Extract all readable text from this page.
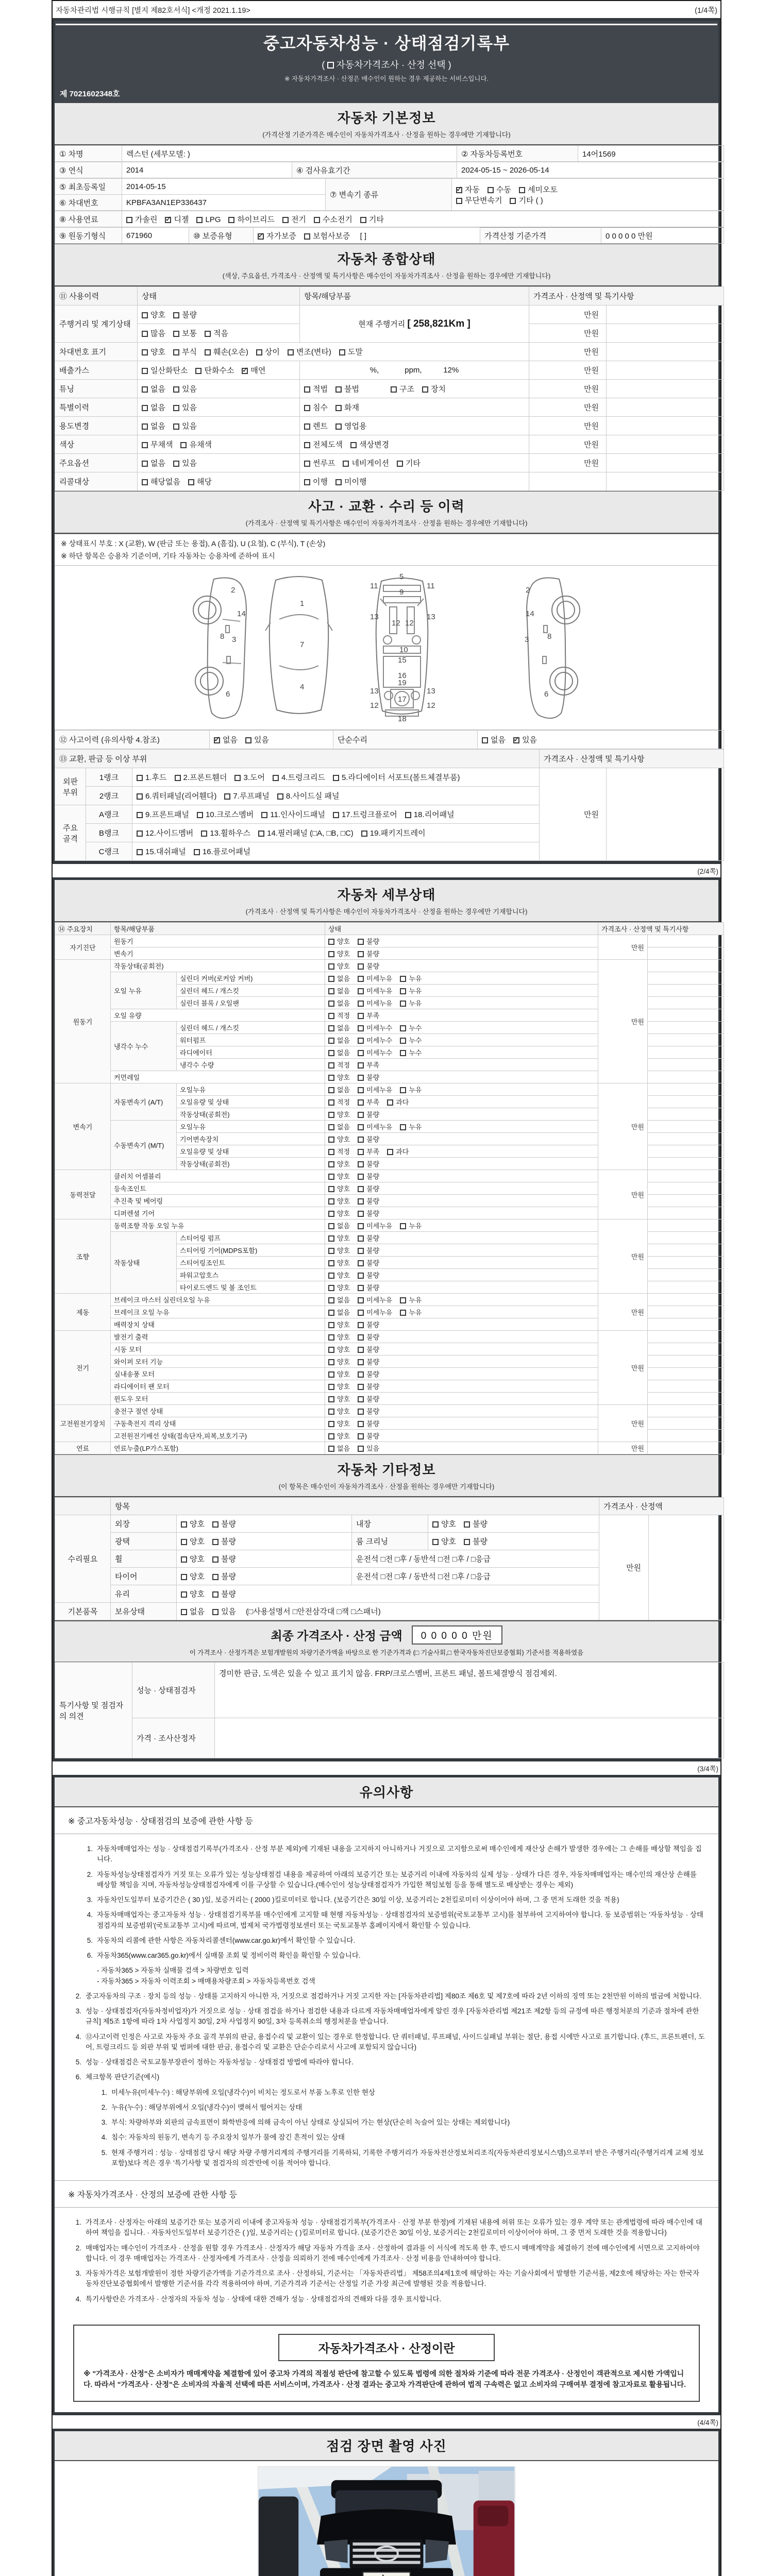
자동차관리법 시행규칙 [별지 제82호서식] <개정 2021.1.19>	(1/4쪽)
중고자동차성능 · 상태점검기록부
( 자동차가격조사 · 산정 선택 )
※ 자동차가격조사 · 산정은 매수인이 원하는 경우 제공하는 서비스입니다.
제 7021602348호
자동차 기본정보
(가격산정 기준가격은 매수인이 자동차가격조사 · 산정을 원하는 경우에만 기재합니다)
① 차명	렉스턴 (세부모델: )	② 자동차등록번호	14어1569
③ 연식	2014	④ 검사유효기간	2024-05-15 ~ 2026-05-14
⑤ 최초등록일	2014-05-15	⑦ 변속기 종류	
✓자동 수동 세미오토
무단변속기 기타 ( )

⑥ 차대번호	KPBFA3AN1EP336437		
⑧ 사용연료	가솔린 ✓ 디젤 LPG 하이브리드 전기 수소전기 기타
⑨ 원동기형식	671960	⑩ 보증유형	✓자가보증 보험사보증 [ ]	가격산정 기준가격	0 0 0 0 0 만원
자동차 종합상태
(색상, 주요옵션, 가격조사 · 산정액 및 특기사항은 매수인이 자동차가격조사 · 산정을 원하는 경우에만 기재합니다)
⑪ 사용이력	상태	항목/해당부품	가격조사 · 산정액 및 특기사항	
주행거리 및 계기상태	양호 불량	현재 주행거리 [ 258,821Km ]	만원	
	많음 보통 적음		만원	
차대번호 표기	양호 부식 훼손(오손) 상이 변조(변타) 도말		만원	
배출가스	일산화탄소 탄화수소 ✓ 매연	%,            ppm,          12%	만원	
튜닝	없음 있음	적법 불법 구조 장치	만원	
특별이력	없음 있음	침수 화재	만원	
용도변경	없음 있음	렌트 영업용	만원	
색상	무채색 유채색	전체도색 색상변경	만원	
주요옵션	없음 있음	썬루프 네비게이션 기타	만원	
리콜대상	해당없음 해당	이행 미이행		
사고 · 교환 · 수리 등 이력
(가격조사 · 산정액 및 특기사항은 매수인이 자동차가격조사 · 산정을 원하는 경우에만 기재합니다)
※ 상태표시 부호 : X (교환), W (판금 또는 용접), A (흠집), U (요철), C (부식), T (손상)
※ 하단 항목은 승용차 기준이며, 기타 자동차는 승용차에 준하여 표시
2
3
8
14
6
1
7
4
5
9
11	11
13	13
12 12
10
15
16
13	13
12	12
19
17
18
2
3 8
14
6
⑫ 사고이력 (유의사항 4.참조)	✓없음 있음	단순수리	없음 ✓ 있음
⑬ 교환, 판금 등 이상 부위			가격조사 · 산정액 및 특기사항	
외판 부위	1랭크	1.후드 2.프론트휀더 3.도어 4.트렁크리드 5.라디에이터 서포트(볼트체결부품)	만원	
	2랭크	6.쿼터패널(리어휀다) 7.루프패널 8.사이드실 패널		
주요 골격	A랭크	9.프론트패널 10.크로스멤버 11.인사이드패널 17.트렁크플로어 18.리어패널		
	B랭크	12.사이드멤버 13.휠하우스 14.필러패널 (□A, □B, □C) 19.패키지트레이		
	C랭크	15.대쉬패널 16.플로어패널		
(2/4쪽)
자동차 세부상태
(가격조사 · 산정액 및 특기사항은 매수인이 자동차가격조사 · 산정을 원하는 경우에만 기재합니다)
⑭ 주요장치	항목/해당부품		상태	가격조사 · 산정액 및 특기사항	
자기진단	원동기		양호 불량	만원	
	변속기		양호 불량		
원동기	작동상태(공회전)		양호 불량	만원	
	오일 누유	실린더 커버(로커암 커버)	없음 미세누유 누유		
		실린더 헤드 / 개스킷	없음 미세누유 누유		
		실린더 블록 / 오일팬	없음 미세누유 누유		
	오일 유량		적정 부족		
	냉각수 누수	실린더 헤드 / 개스킷	없음 미세누수 누수		
		워터펌프	없음 미세누수 누수		
		라디에이터	없음 미세누수 누수		
		냉각수 수량	적정 부족		
	커먼레일		양호 불량		
변속기	자동변속기 (A/T)	오일누유	없음 미세누유 누유	만원	
		오일유량 및 상태	적정 부족 과다		
		작동상태(공회전)	양호 불량		
	수동변속기 (M/T)	오일누유	없음 미세누유 누유		
		기어변속장치	양호 불량		
		오일유량 및 상태	적정 부족 과다		
		작동상태(공회전)	양호 불량		
동력전달	클러치 어셈블리		양호 불량	만원	
	등속조인트		양호 불량		
	추진축 및 베어링		양호 불량		
	디퍼렌셜 기어		양호 불량		
조향	동력조향 작동 오일 누유		없음 미세누유 누유	만원	
	작동상태	스티어링 펌프	양호 불량		
		스티어링 기어(MDPS포함)	양호 불량		
		스티어링조인트	양호 불량		
		파워고압호스	양호 불량		
		타이로드엔드 및 볼 조인트	양호 불량		
제동	브레이크 마스터 실린더오일 누유		없음 미세누유 누유	만원	
	브레이크 오일 누유		없음 미세누유 누유		
	배력장치 상태		양호 불량		
전기	발전기 출력		양호 불량	만원	
	시동 모터		양호 불량		
	와이퍼 모터 기능		양호 불량		
	실내송풍 모터		양호 불량		
	라디에이터 팬 모터		양호 불량		
	윈도우 모터		양호 불량		
고전원전기장치	충전구 절연 상태		양호 불량	만원	
	구동축전지 격리 상태		양호 불량		
	고전원전기배선 상태(접속단자,피복,보호기구)		양호 불량		
연료	연료누출(LP가스포함)		없음 있음	만원	
자동차 기타정보
(이 항목은 매수인이 자동차가격조사 · 산정을 원하는 경우에만 기재합니다)
	항목				가격조사 · 산정액	
수리필요	외장	양호 불량	내장	양호 불량	만원	
	광택	양호 불량	룸 크리닝	양호 불량		
	휠	양호 불량	운전석 □전 □후 / 동반석 □전 □후 / □응급			
	타이어	양호 불량	운전석 □전 □후 / 동반석 □전 □후 / □응급			
	유리	양호 불량				
기본품목	보유상태	없음 있음 (□사용설명서 □안전삼각대 □잭 □스패너)				
최종 가격조사 · 산정 금액	0 0 0 0 0 만원
이 가격조사 · 산정가격은 보험개발원의 차량기준가액을 바탕으로 한 기준가격과 (□ 기술사회,□ 한국자동차진단보증협회) 기준서를 적용하였음
특기사항 및 점검자의 의견	성능 · 상태점검자	경미한 판금, 도색은 있을 수 있고 표기치 않음. FRP/크로스멤버, 프론트 패널, 볼트체결방식 점검제외.
	가격 · 조사산정자	
(3/4쪽)
유의사항
※ 중고자동차성능 · 상태점검의 보증에 관한 사항 등
1. 자동차매매업자는 성능 · 상태점검기록부(가격조사 · 산정 부분 제외)에 기재된 내용을 고지하지 아니하거나 거짓으로 고지함으로써 매수인에게 재산상 손해가 발생한 경우에는 그 손해를 배상할 책임을 집니다.
2. 자동차성능상태점검자가 거짓 또는 오류가 있는 성능상태점검 내용을 제공하여 아래의 보증기간 또는 보증거리 이내에 자동차의 실제 성능 · 상태가 다른 경우, 자동차매매업자는 매수인의 재산상 손해를 배상할 책임을 지며, 자동차성능상태점검자에게 이를 구상할 수 있습니다.(매수인이 성능상태점검자가 가입한 책임보험 등을 통해 별도로 배상받는 경우는 제외)
3. 자동차인도일부터 보증기간은 ( 30 )일, 보증거리는 ( 2000 )킬로미터로 합니다. (보증기간은 30일 이상, 보증거리는 2천킬로미터 이상이어야 하며, 그 중 먼저 도래한 것을 적용)
4. 자동차매매업자는 중고자동차 성능 · 상태점검기록부를 매수인에게 고지할 때 현행 자동차성능 · 상태점검자의 보증범위(국토교통부 고시)를 첨부하여 고지하여야 합니다. 동 보증범위는 '자동차성능 · 상태점검자의 보증범위'(국토교통부 고시)에 따르며, 법제처 국가법령정보센터 또는 국토교통부 홈페이지에서 확인할 수 있습니다.
5. 자동차의 리콜에 관한 사항은 자동차리콜센터(www.car.go.kr)에서 확인할 수 있습니다.
6. 자동차365(www.car365.go.kr)에서 실매물 조회 및 정비이력 확인을 확인할 수 있습니다.
- 자동차365 > 자동차 실매물 검색 > 차량번호 입력
- 자동차365 > 자동차 이력조회 > 매매용차량조회 > 자동차등록번호 검색
2. 중고자동차의 구조 · 장치 등의 성능 · 상태를 고지하지 아니한 자, 거짓으로 점검하거나 거짓 고지한 자는 [자동차관리법] 제80조 제6호 및 제7호에 따라 2년 이하의 징역 또는 2천만원 이하의 벌금에 처합니다.
3. 성능 · 상태점검자(자동차정비업자)가 거짓으로 성능 · 상태 점검을 하거나 점검한 내용과 다르게 자동차매매업자에게 알린 경우 [자동차관리법 제21조 제2항 등의 규정에 따른 행정처분의 기준과 절차에 관한 규칙] 제5조 1항에 따라 1차 사업정지 30일, 2차 사업정지 90일, 3차 등록취소의 행정처분을 받습니다.
4. ⑫사고이력 인정은 사고로 자동차 주요 골격 부위의 판금, 용접수리 및 교환이 있는 경우로 한정합니다. 단 쿼터패널, 루프패널, 사이드실패널 부위는 절단, 용접 시에만 사고로 표기합니다. (후드, 프론트펜더, 도어, 트렁크리드 등 외판 부위 및 범퍼에 대한 판금, 용접수리 및 교환은 단순수리로서 사고에 포함되지 않습니다)
5. 성능 · 상태점검은 국토교통부장관이 정하는 자동차성능 · 상태점검 방법에 따라야 합니다.
6. 체크항목 판단기준(예시)
1. 미세누유(미세누수) : 해당부위에 오일(냉각수)이 비치는 정도로서 부품 노후로 인한 현상
2. 누유(누수) : 해당부위에서 오일(냉각수)이 맺혀서 떨어지는 상태
3. 부식: 차량하부와 외판의 금속표면이 화학반응에 의해 금속이 아닌 상태로 상실되어 가는 현상(단순히 녹슬어 있는 상태는 제외합니다)
4. 침수: 자동차의 원동기, 변속기 등 주요장치 일부가 물에 잠긴 흔적이 있는 상태
5. 현재 주행거리 : 성능 · 상태점검 당시 해당 차량 주행거리계의 주행거리를 기록하되, 기록한 주행거리가 자동차전산정보처리조직(자동차관리정보시스템)으로부터 받은 주행거리(주행거리계 교체 정보 포함)보다 적은 경우 '특기사항 및 점검자의 의견'란에 이를 적어야 합니다.
※ 자동차가격조사 · 산정의 보증에 관한 사항 등
1. 가격조사 · 산정자는 아래의 보증기간 또는 보증거리 이내에 중고자동차 성능 · 상태점검기록부(가격조사 · 산정 부분 한정)에 기재된 내용에 허위 또는 오류가 있는 경우 계약 또는 관계법령에 따라 매수인에 대하여 책임을 집니다. · 자동차인도일부터 보증기간은 ( )일, 보증거리는 ( )킬로미터로 합니다. (보증기간은 30일 이상, 보증거리는 2천킬로미터 이상이어야 하며, 그 중 먼저 도래한 것을 적용합니다)
2. 매매업자는 매수인이 가격조사 · 산정을 원할 경우 가격조사 · 산정자가 해당 자동차 가격을 조사 · 산정하여 결과를 이 서식에 적도록 한 후, 반드시 매매계약을 체결하기 전에 매수인에게 서면으로 고지하여야 합니다. 이 경우 매매업자는 가격조사 · 산정자에게 가격조사 · 산정을 의뢰하기 전에 매수인에게 가격조사 · 산정 비용을 안내하여야 합니다.
3. 자동차가격은 보험개발원이 정한 차량기준가액을 기준가격으로 조사 · 산정하되, 기준서는 「자동차관리법」 제58조의4제1호에 해당하는 자는 기술사회에서 발행한 기준서를, 제2호에 해당하는 자는 한국자동차진단보증협회에서 발행한 기준서를 각각 적용하여야 하며, 기준가격과 기준서는 산정일 기준 가장 최근에 발행된 것을 적용합니다.
4. 특기사항란은 가격조사 · 산정자의 자동차 성능 · 상태에 대한 견해가 성능 · 상태점검자의 견해와 다를 경우 표시합니다.
자동차가격조사 · 산정이란
※ "가격조사 · 산정"은 소비자가 매매계약을 체결함에 있어 중고차 가격의 적절성 판단에 참고할 수 있도록 법령에 의한 절차와 기준에 따라 전문 가격조사 · 산정인이 객관적으로 제시한 가액입니다. 따라서 "가격조사 · 산정"은 소비자의 자율적 선택에 따른 서비스이며, 가격조사 · 산정 결과는 중고차 가격판단에 관하여 법적 구속력은 없고 소비자의 구매여부 결정에 참고자료로 활용됩니다.
(4/4쪽)
점검 장면 촬영 사진
